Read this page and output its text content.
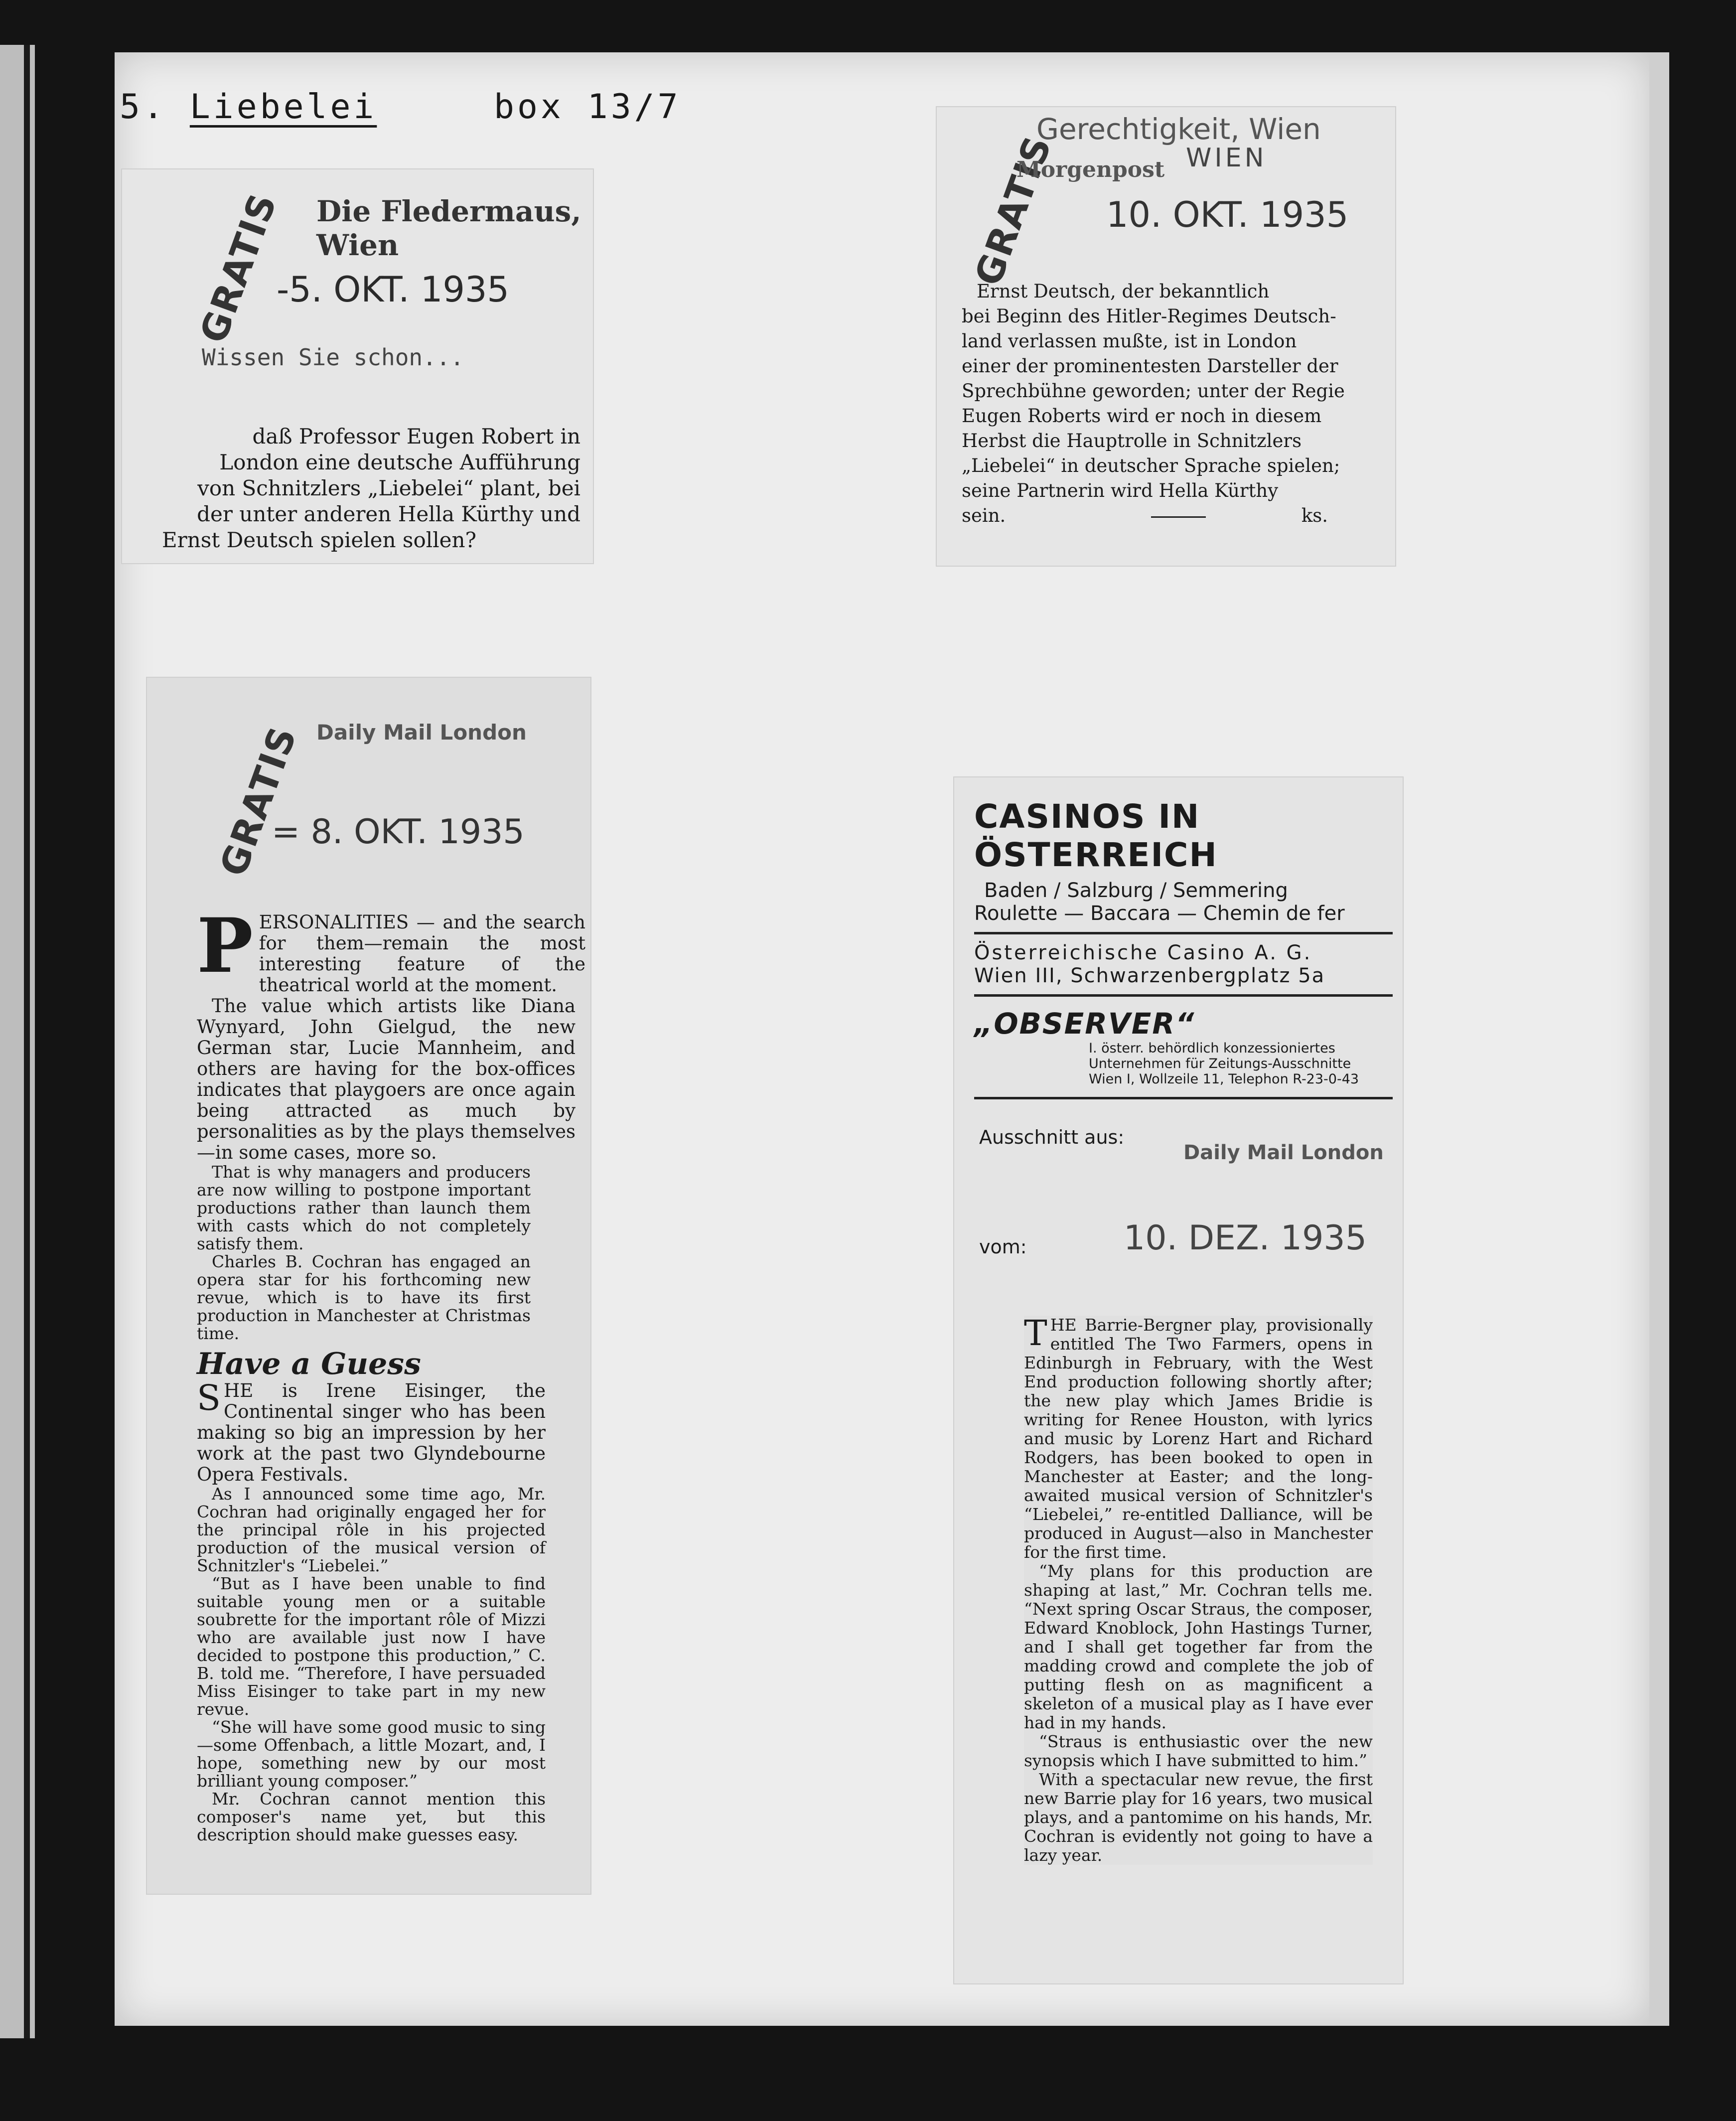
5. Liebelei	box 13/7
GRATIS Die Fledermaus, Wien
-5. OKT. 1935
Wissen Sie schon...

daß Professor Eugen Robert in

London eine deutsche Aufführung

von Schnitzlers „Liebelei“ plant, bei

der unter anderen Hella Kürthy und

Ernst Deutsch spielen sollen?

GRATIS
Gerechtigkeit, Wien
Morgenpost WIEN
10. OKT. 1935

Ernst Deutsch, der bekanntlich

bei Beginn des Hitler-Regimes Deutsch-

land verlassen mußte, ist in London

einer der prominentesten Darsteller der

Sprechbühne geworden; unter der Regie

Eugen Roberts wird er noch in diesem

Herbst die Hauptrolle in Schnitzlers

„Liebelei“ in deutscher Sprache spielen;

seine Partnerin wird Hella Kürthy

sein.	ks.

GRATIS Daily Mail London
= 8. OKT. 1935

PERSONALITIES — and the search for them—remain the most interesting feature of the theatrical world at the moment.

The value which artists like Diana Wynyard, John Gielgud, the new German star, Lucie Mannheim, and others are having for the box-offices indicates that playgoers are once again being attracted as much by personalities as by the plays themselves—in some cases, more so.

That is why managers and producers are now willing to postpone important productions rather than launch them with casts which do not completely satisfy them.

Charles B. Cochran has engaged an opera star for his forthcoming new revue, which is to have its first production in Manchester at Christmas time.

Have a Guess

SHE is Irene Eisinger, the Continental singer who has been making so big an impression by her work at the past two Glyndebourne Opera Festivals.

As I announced some time ago, Mr. Cochran had originally engaged her for the principal rôle in his projected production of the musical version of Schnitzler's “Liebelei.”

“But as I have been unable to find suitable young men or a suitable soubrette for the important rôle of Mizzi who are available just now I have decided to postpone this production,” C. B. told me. “Therefore, I have persuaded Miss Eisinger to take part in my new revue.

“She will have some good music to sing—some Offenbach, a little Mozart, and, I hope, something new by our most brilliant young composer.”

Mr. Cochran cannot mention this composer's name yet, but this description should make guesses easy.

CASINOS IN ÖSTERREICH
Baden / Salzburg / Semmering
Roulette — Baccara — Chemin de fer
Österreichische Casino A. G.
Wien III, Schwarzenbergplatz 5a
„OBSERVER“
I. österr. behördlich konzessioniertes
Unternehmen für Zeitungs-Ausschnitte
Wien I, Wollzeile 11, Telephon R-23-0-43
Ausschnitt aus:
Daily Mail London
vom:	10. DEZ. 1935

THE Barrie-Bergner play, provisionally entitled The Two Farmers, opens in Edinburgh in February, with the West End production following shortly after; the new play which James Bridie is writing for Renee Houston, with lyrics and music by Lorenz Hart and Richard Rodgers, has been booked to open in Manchester at Easter; and the long-awaited musical version of Schnitzler's “Liebelei,” re-entitled Dalliance, will be produced in August—also in Manchester for the first time.

“My plans for this production are shaping at last,” Mr. Cochran tells me. “Next spring Oscar Straus, the composer, Edward Knoblock, John Hastings Turner, and I shall get together far from the madding crowd and complete the job of putting flesh on as magnificent a skeleton of a musical play as I have ever had in my hands.

“Straus is enthusiastic over the new synopsis which I have submitted to him.”

With a spectacular new revue, the first new Barrie play for 16 years, two musical plays, and a pantomime on his hands, Mr. Cochran is evidently not going to have a lazy year.
